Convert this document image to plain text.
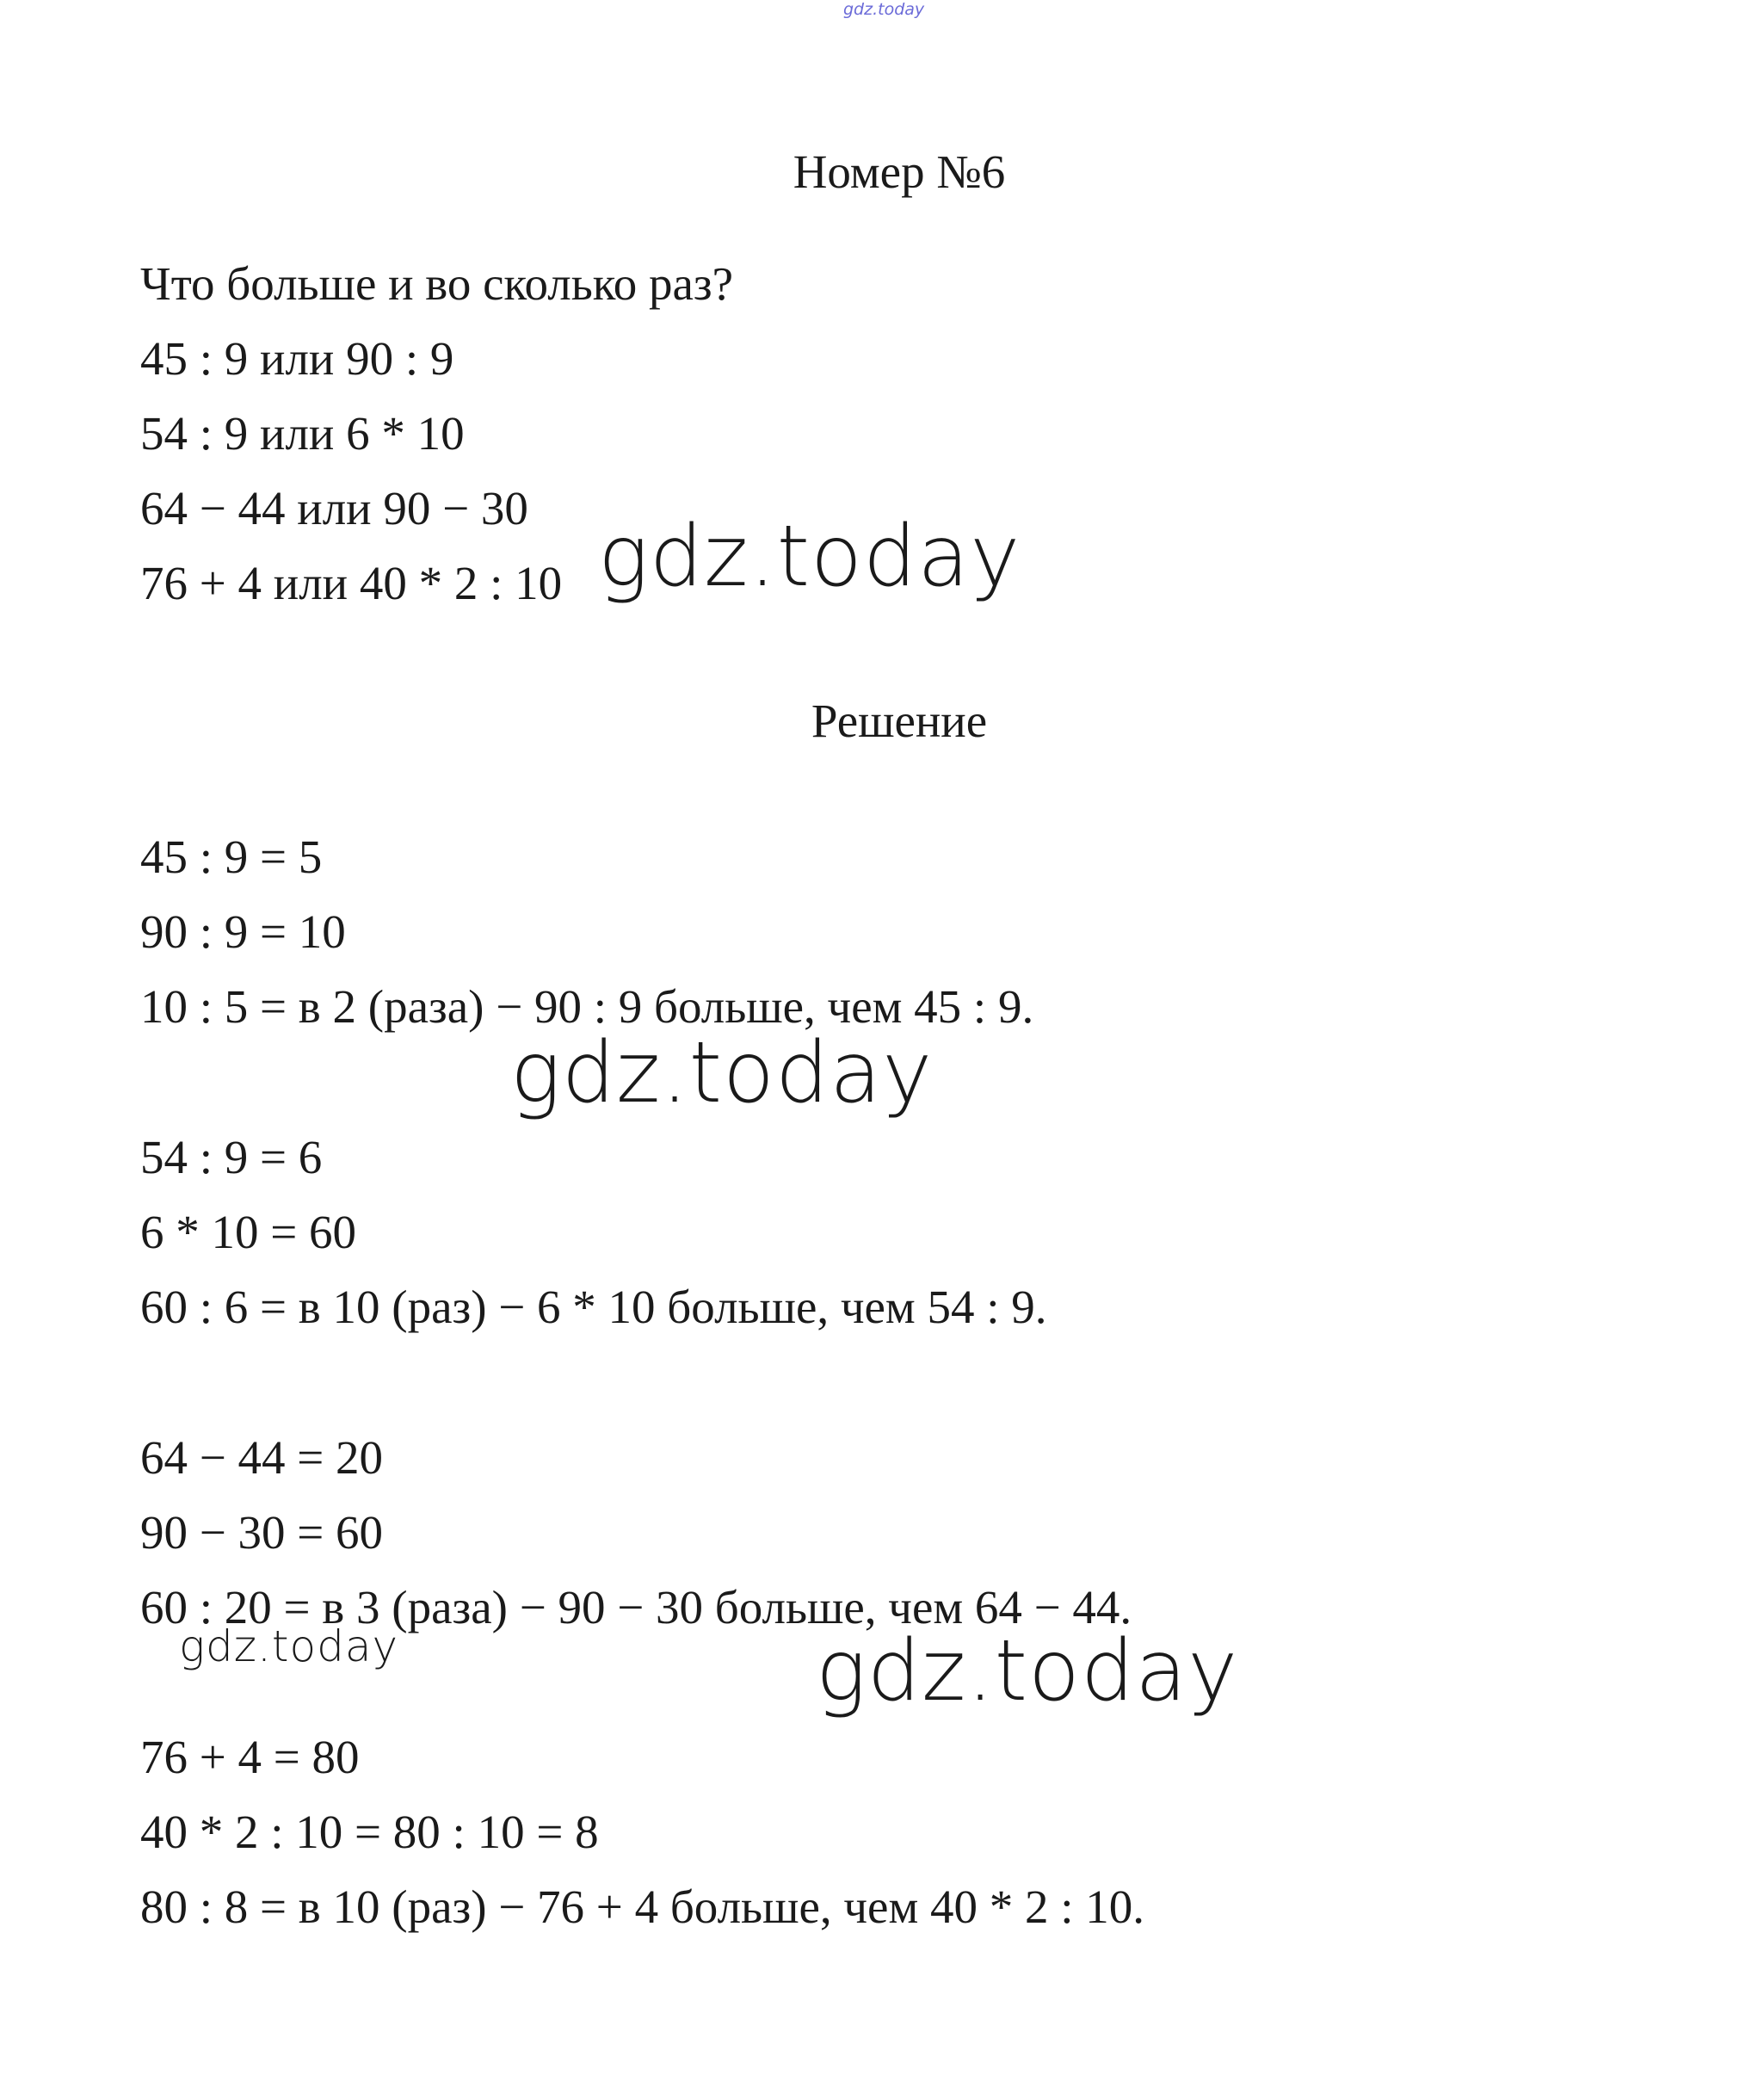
gdz.today
Номер №6
Что больше и во сколько раз?
45 : 9 или 90 : 9
54 : 9 или 6 * 10
64 − 44 или 90 − 30
76 + 4 или 40 * 2 : 10 gdz.today
Решение
45 : 9 = 5
90 : 9 = 10
10 : 5 = в 2 (раза) − 90 : 9 больше, чем 45 : 9.
gdz.today
54 : 9 = 6
6 * 10 = 60
60 : 6 = в 10 (раз) − 6 * 10 больше, чем 54 : 9.
64 − 44 = 20
90 − 30 = 60
60 : 20 = в 3 (раза) − 90 − 30 больше, чем 64 − 44.
gdz.today	gdz.today
76 + 4 = 80
40 * 2 : 10 = 80 : 10 = 8
80 : 8 = в 10 (раз) − 76 + 4 больше, чем 40 * 2 : 10.
